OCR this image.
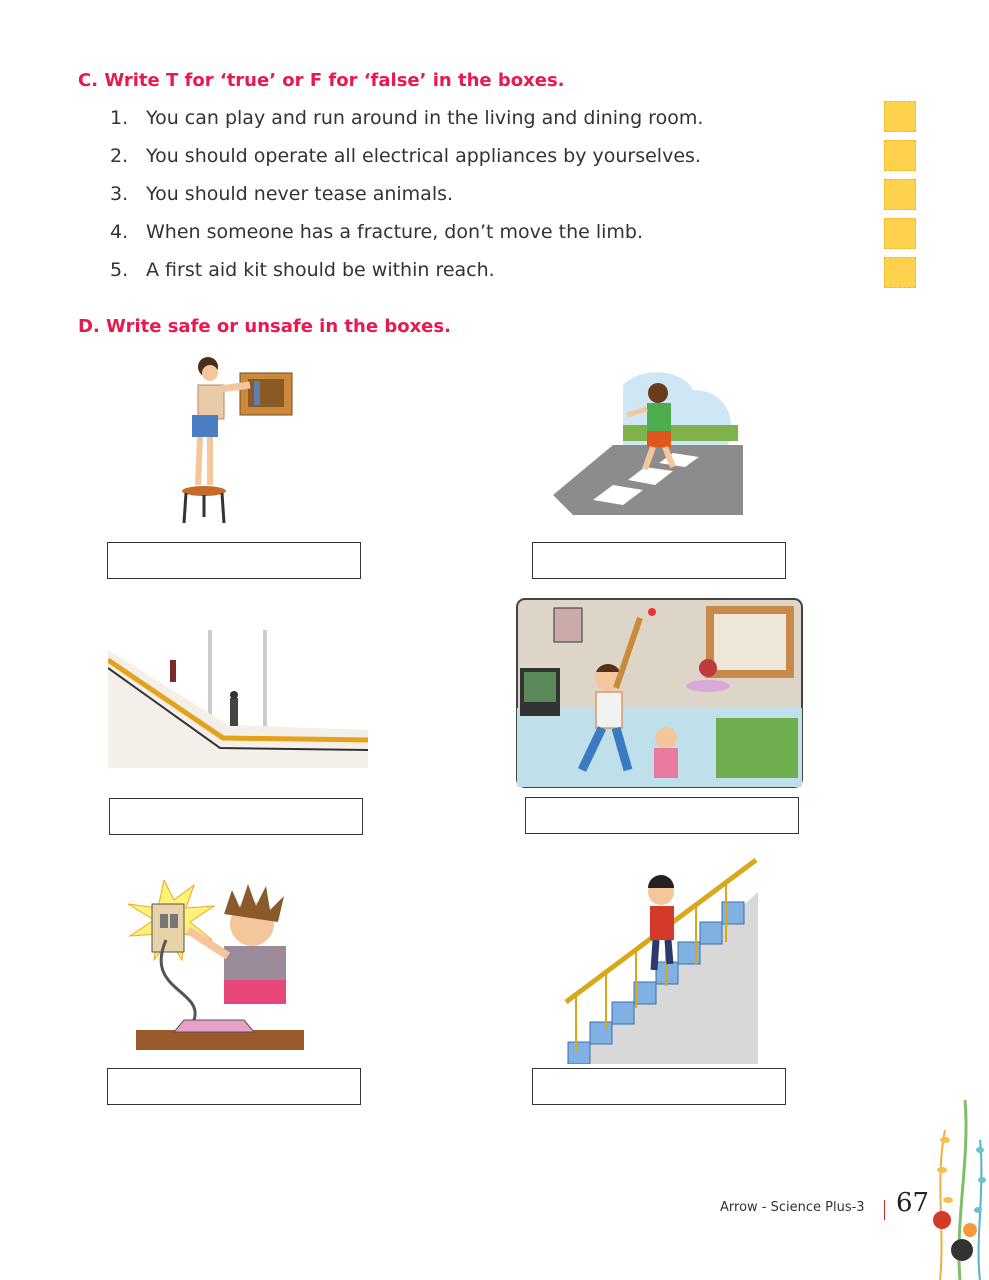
C. Write T for ‘true’ or F for ‘false’ in the boxes.
1. You can play and run around in the living and dining room.
2. You should operate all electrical appliances by yourselves.
3. You should never tease animals.
4. When someone has a fracture, don’t move the limb.
5. A first aid kit should be within reach.
D. Write safe or unsafe in the boxes.
Arrow - Science Plus-3 67
